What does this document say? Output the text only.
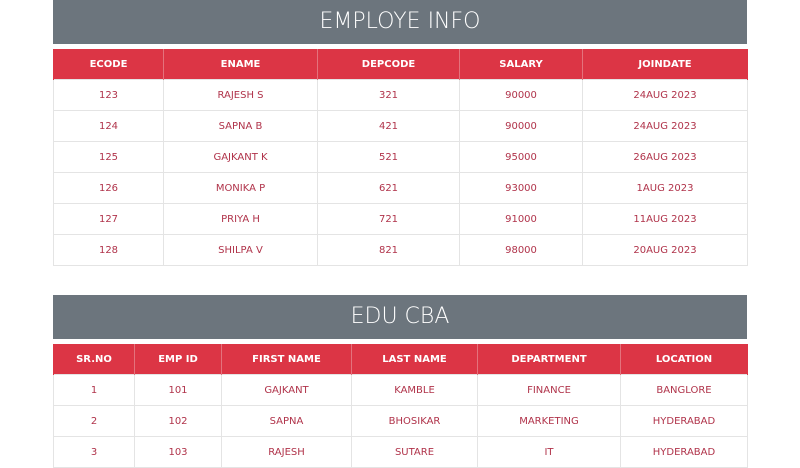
EMPLOYE INFO
ECODE	ENAME	DEPCODE	SALARY	JOINDATE
123	RAJESH S	321	90000	24AUG 2023
124	SAPNA B	421	90000	24AUG 2023
125	GAJKANT K	521	95000	26AUG 2023
126	MONIKA P	621	93000	1AUG 2023
127	PRIYA H	721	91000	11AUG 2023
128	SHILPA V	821	98000	20AUG 2023
EDU CBA
SR.NO	EMP ID	FIRST NAME	LAST NAME	DEPARTMENT	LOCATION
1	101	GAJKANT	KAMBLE	FINANCE	BANGLORE
2	102	SAPNA	BHOSIKAR	MARKETING	HYDERABAD
3	103	RAJESH	SUTARE	IT	HYDERABAD
